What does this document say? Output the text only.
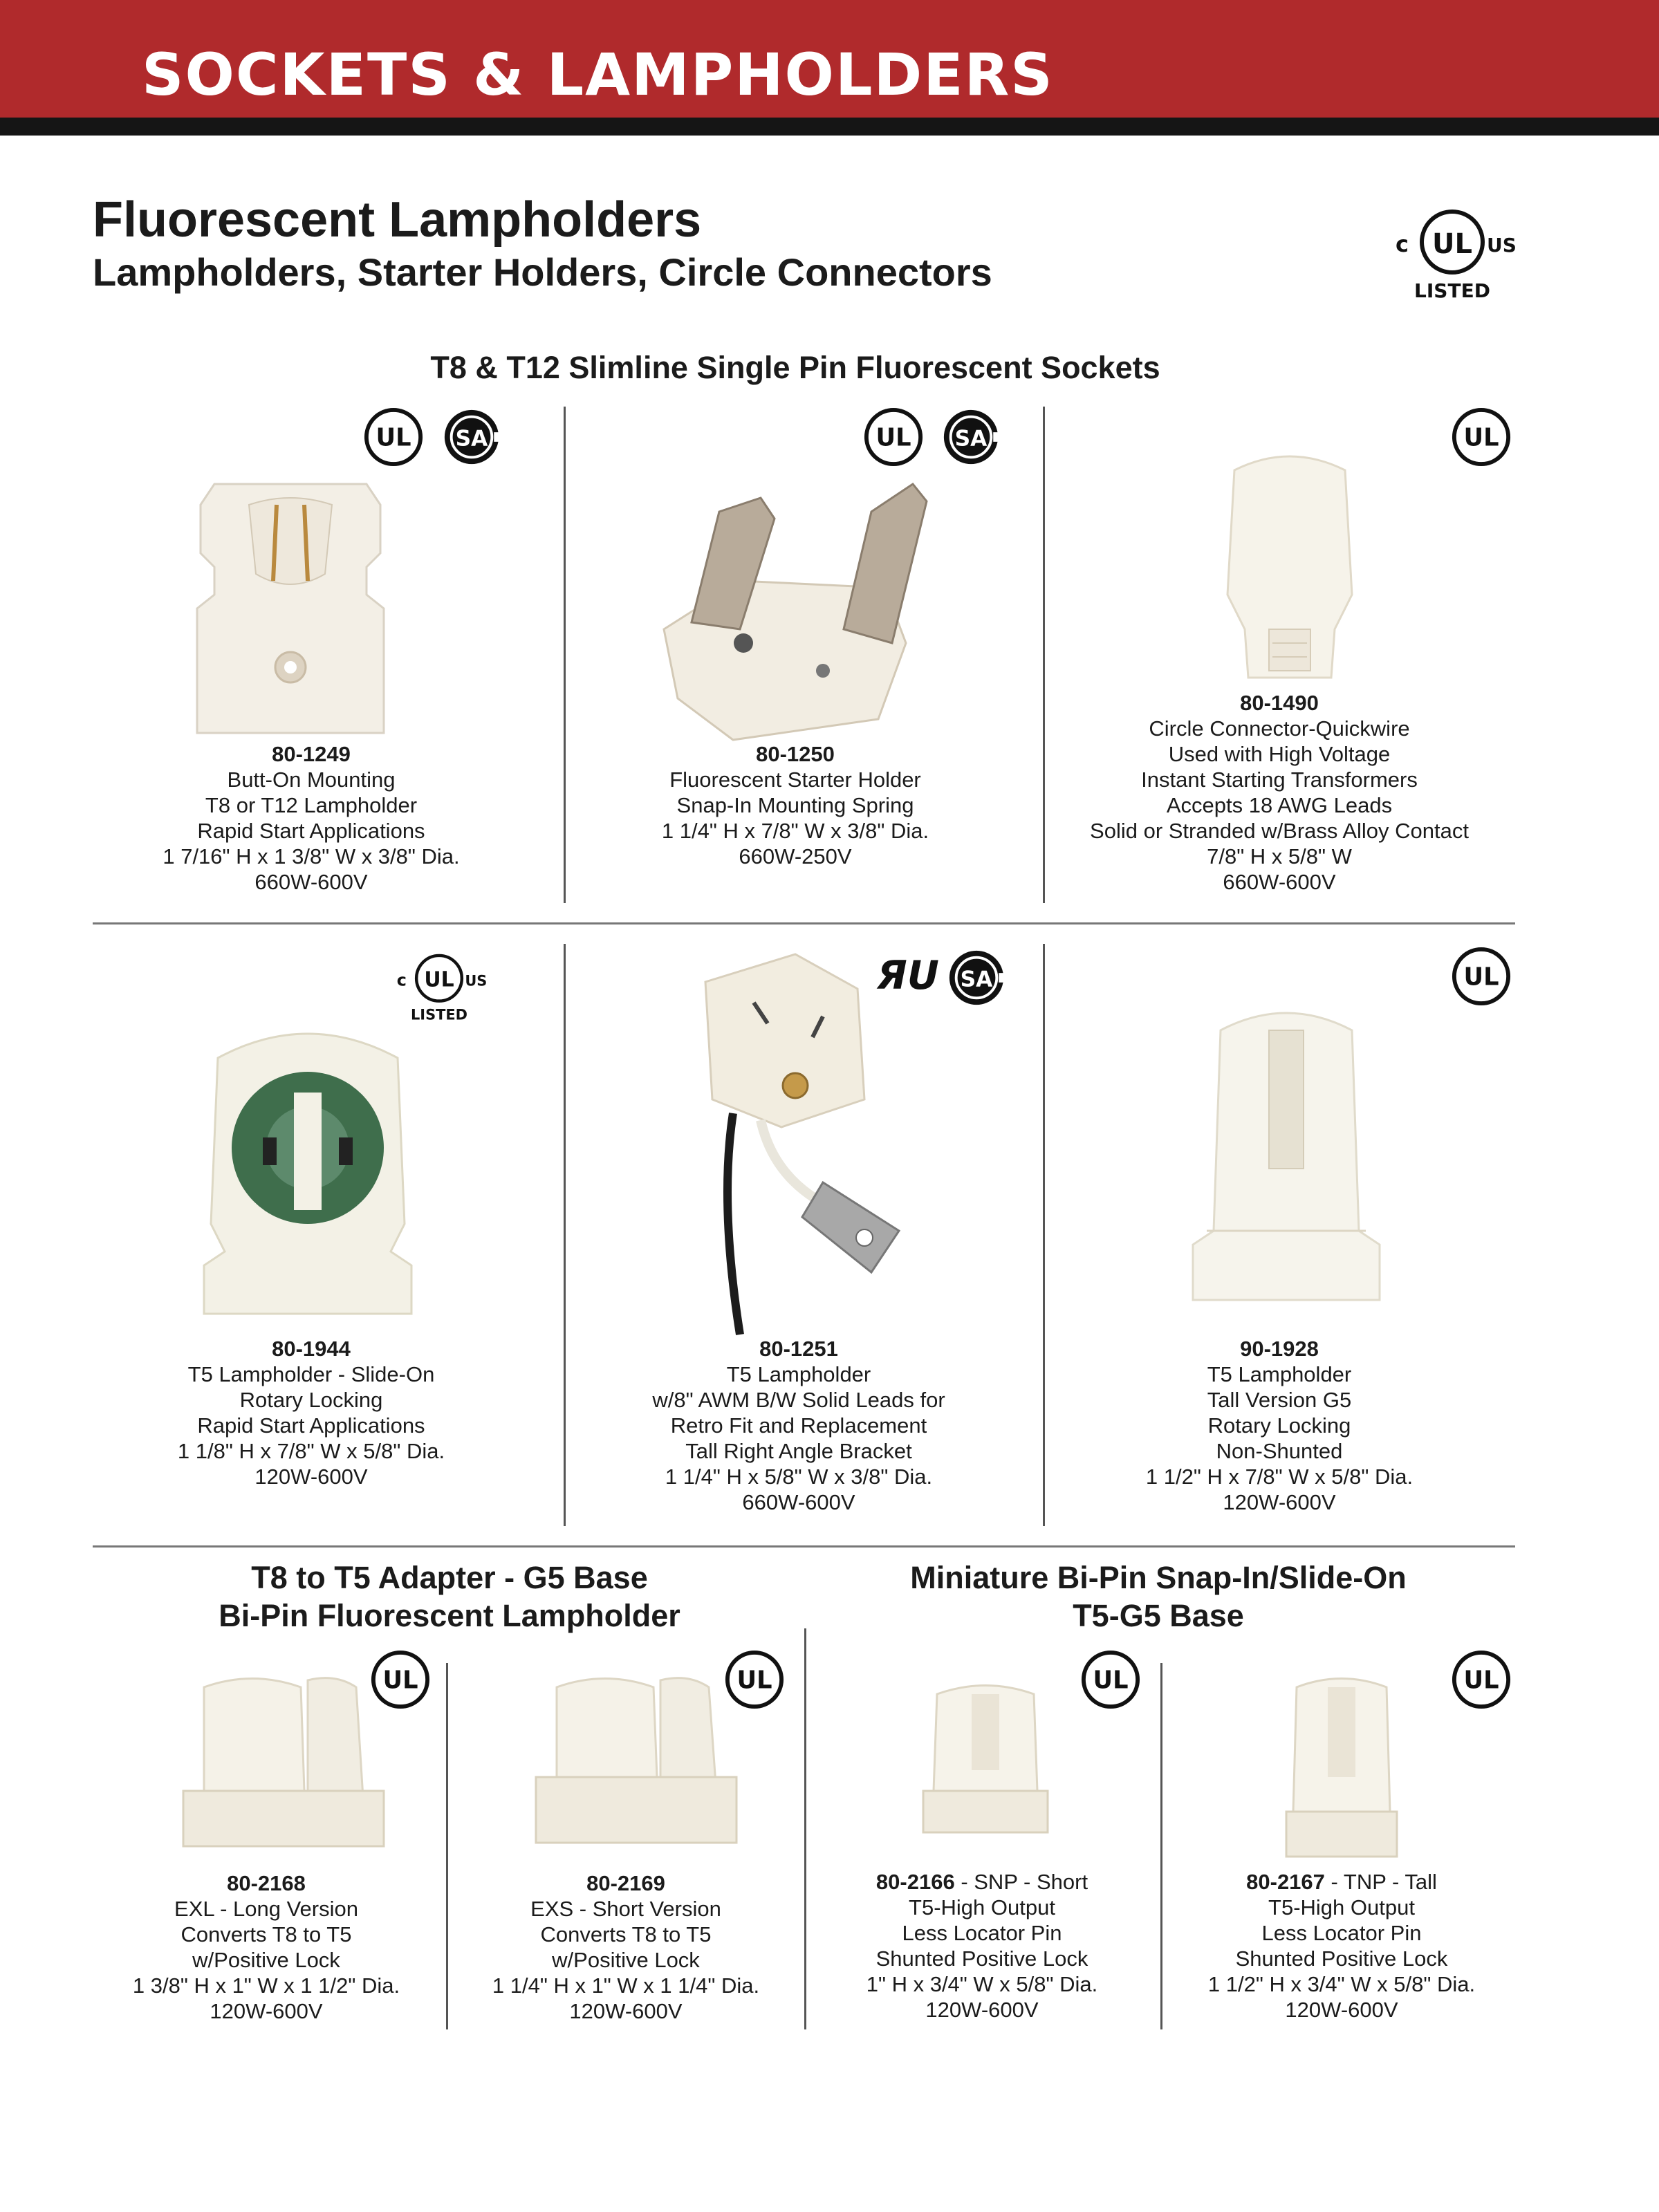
SOCKETS & LAMPHOLDERS
Fluorescent Lampholders
Lampholders, Starter Holders, Circle Connectors
UL
c	US
LISTED
T8 & T12 Slimline Single Pin Fluorescent Sockets
80-1249
Butt-On Mounting
T8 or T12 Lampholder
Rapid Start Applications
1 7/16" H x 1 3/8" W x 3/8" Dia.
660W-600V
80-1250
Fluorescent Starter Holder
Snap-In Mounting Spring
1 1/4" H x 7/8" W x 3/8" Dia.
660W-250V
80-1490
Circle Connector-Quickwire
Used with High Voltage
Instant Starting Transformers
Accepts 18 AWG Leads
Solid or Stranded w/Brass Alloy Contact
7/8" H x 5/8" W
660W-600V
UL
c	US
LISTED
80-1944
T5 Lampholder - Slide-On
Rotary Locking
Rapid Start Applications
1 1/8" H x 7/8" W x 5/8" Dia.
120W-600V
80-1251
T5 Lampholder
w/8" AWM B/W Solid Leads for
Retro Fit and Replacement
Tall Right Angle Bracket
1 1/4" H x 5/8" W x 3/8" Dia.
660W-600V
90-1928
T5 Lampholder
Tall Version G5
Rotary Locking
Non-Shunted
1 1/2" H x 7/8" W x 5/8" Dia.
120W-600V
T8 to T5 Adapter - G5 Base
Bi-Pin Fluorescent Lampholder
Miniature Bi-Pin Snap-In/Slide-On
T5-G5 Base
80-2168
EXL - Long Version
Converts T8 to T5
w/Positive Lock
1 3/8" H x 1" W x 1 1/2" Dia.
120W-600V
80-2169
EXS - Short Version
Converts T8 to T5
w/Positive Lock
1 1/4" H x 1" W x 1 1/4" Dia.
120W-600V
80-2166 - SNP - Short
T5-High Output
Less Locator Pin
Shunted Positive Lock
1" H x 3/4" W x 5/8" Dia.
120W-600V
80-2167 - TNP - Tall
T5-High Output
Less Locator Pin
Shunted Positive Lock
1 1/2" H x 3/4" W x 5/8" Dia.
120W-600V
